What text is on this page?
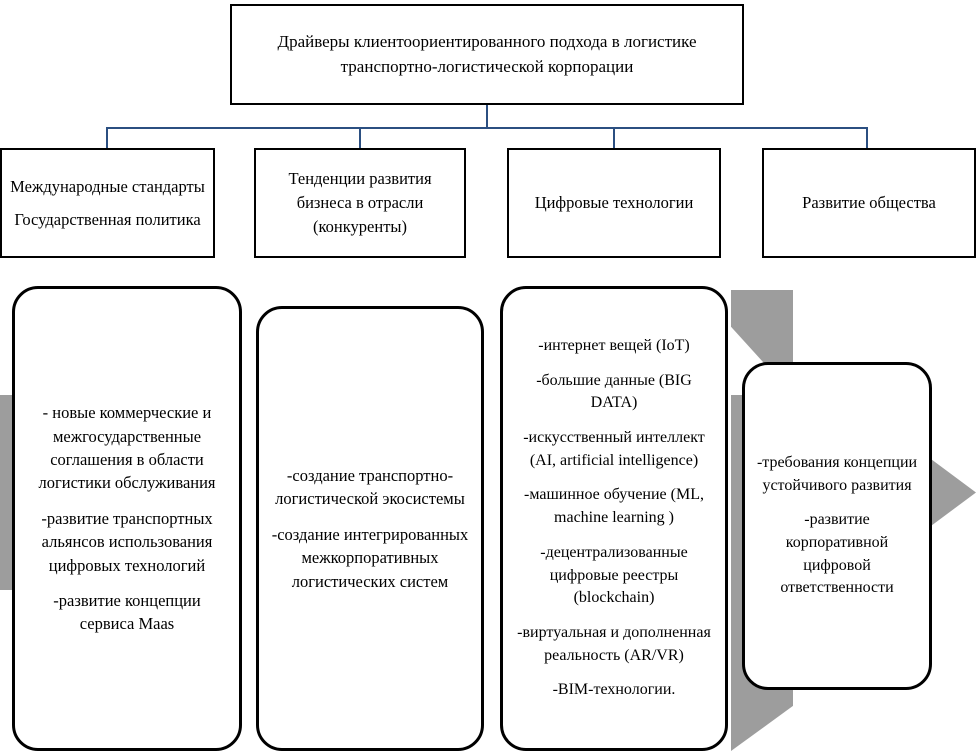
Драйверы клиентоориентированного подхода в логистике транспортно-логистической корпорации

Международные стандарты

Государственная политика

Тенденции развития бизнеса в отрасли (конкуренты)

Цифровые технологии	Развитие общества

- новые коммерческие и межгосударственные соглашения в области логистики обслуживания

-развитие транспортных альянсов использования цифровых технологий

-развитие концепции сервиса Maas

-создание транспортно-логистической экосистемы

-создание интегрированных межкорпоративных логистических систем

-интернет вещей (IoT)

-большие данные (BIG DATA)

-искусственный интеллект (AI, artificial intelligence)

-машинное обучение (ML, machine learning )

-децентрализованные цифровые реестры (blockchain)

-виртуальная и дополненная реальность (AR/VR)

-BIM-технологии.

-требования концепции устойчивого развития

-развитие корпоративной цифровой ответственности
